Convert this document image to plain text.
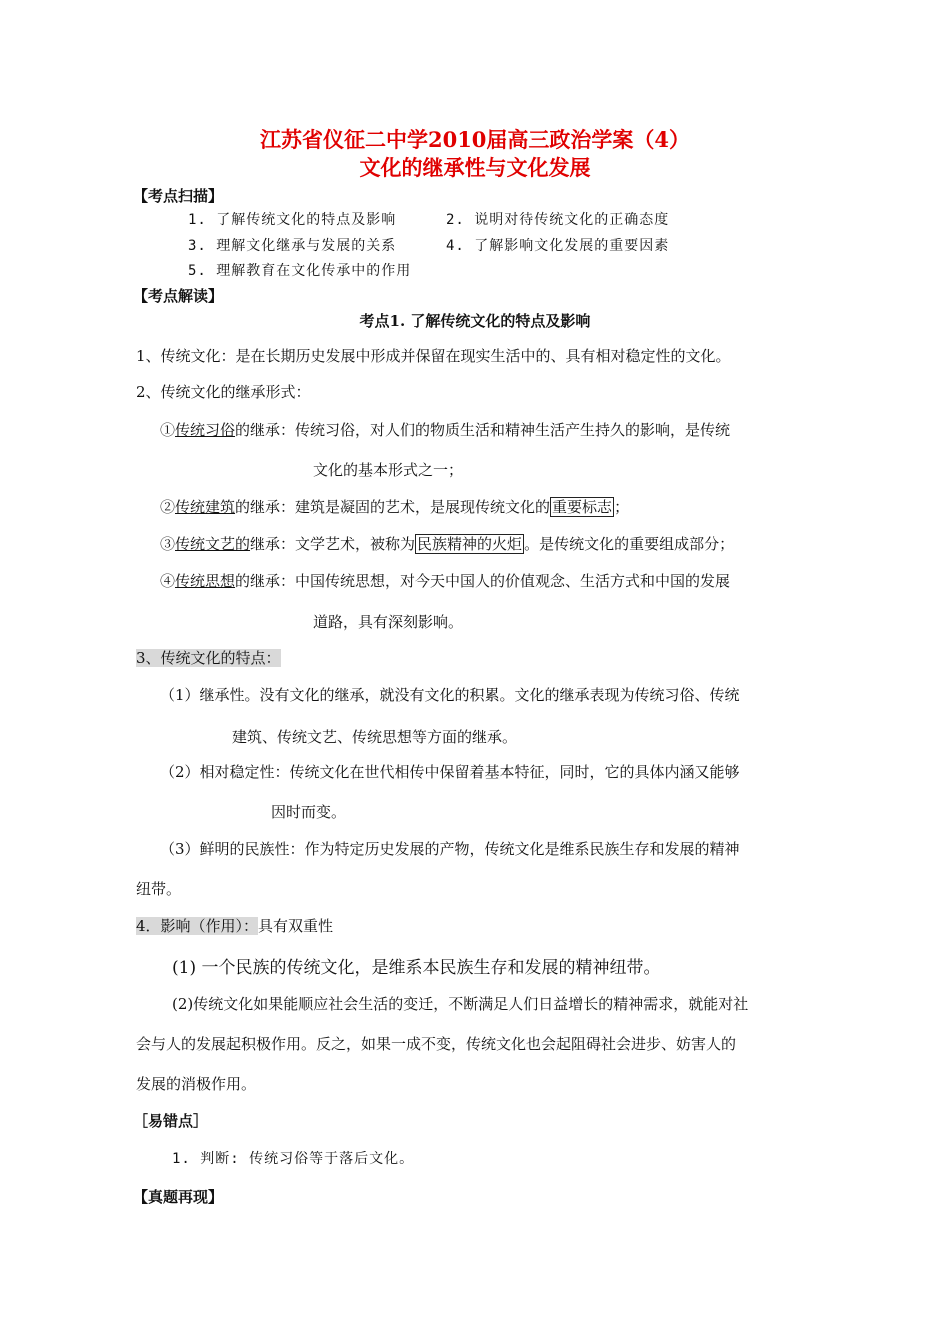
江苏省仪征二中学2010届高三政治学案（4）
文化的继承性与文化发展
【考点扫描】
1. 了解传统文化的特点及影响	2. 说明对待传统文化的正确态度
3. 理解文化继承与发展的关系	4. 了解影响文化发展的重要因素
5. 理解教育在文化传承中的作用
【考点解读】
考点1. 了解传统文化的特点及影响
1、传统文化：是在长期历史发展中形成并保留在现实生活中的、具有相对稳定性的文化。
2、传统文化的继承形式：
①传统习俗的继承：传统习俗，对人们的物质生活和精神生活产生持久的影响，是传统
文化的基本形式之一；
②传统建筑的继承：建筑是凝固的艺术，是展现传统文化的 重要标志 ；
③传统文艺的继承：文学艺术，被称为 民族精神的火炬 。是传统文化的重要组成部分；
④传统思想的继承：中国传统思想，对今天中国人的价值观念、生活方式和中国的发展
道路，具有深刻影响。
3、传统文化的特点：
（1）继承性。没有文化的继承，就没有文化的积累。文化的继承表现为传统习俗、传统
建筑、传统文艺、传统思想等方面的继承。
（2）相对稳定性：传统文化在世代相传中保留着基本特征，同时，它的具体内涵又能够
因时而变。
（3）鲜明的民族性：作为特定历史发展的产物，传统文化是维系民族生存和发展的精神
纽带。
4．影响（作用）：具有双重性
(1) 一个民族的传统文化，是维系本民族生存和发展的精神纽带。
(2)传统文化如果能顺应社会生活的变迁，不断满足人们日益增长的精神需求，就能对社
会与人的发展起积极作用。反之，如果一成不变，传统文化也会起阻碍社会进步、妨害人的
发展的消极作用。
［易错点］
1. 判断: 传统习俗等于落后文化。
【真题再现】
